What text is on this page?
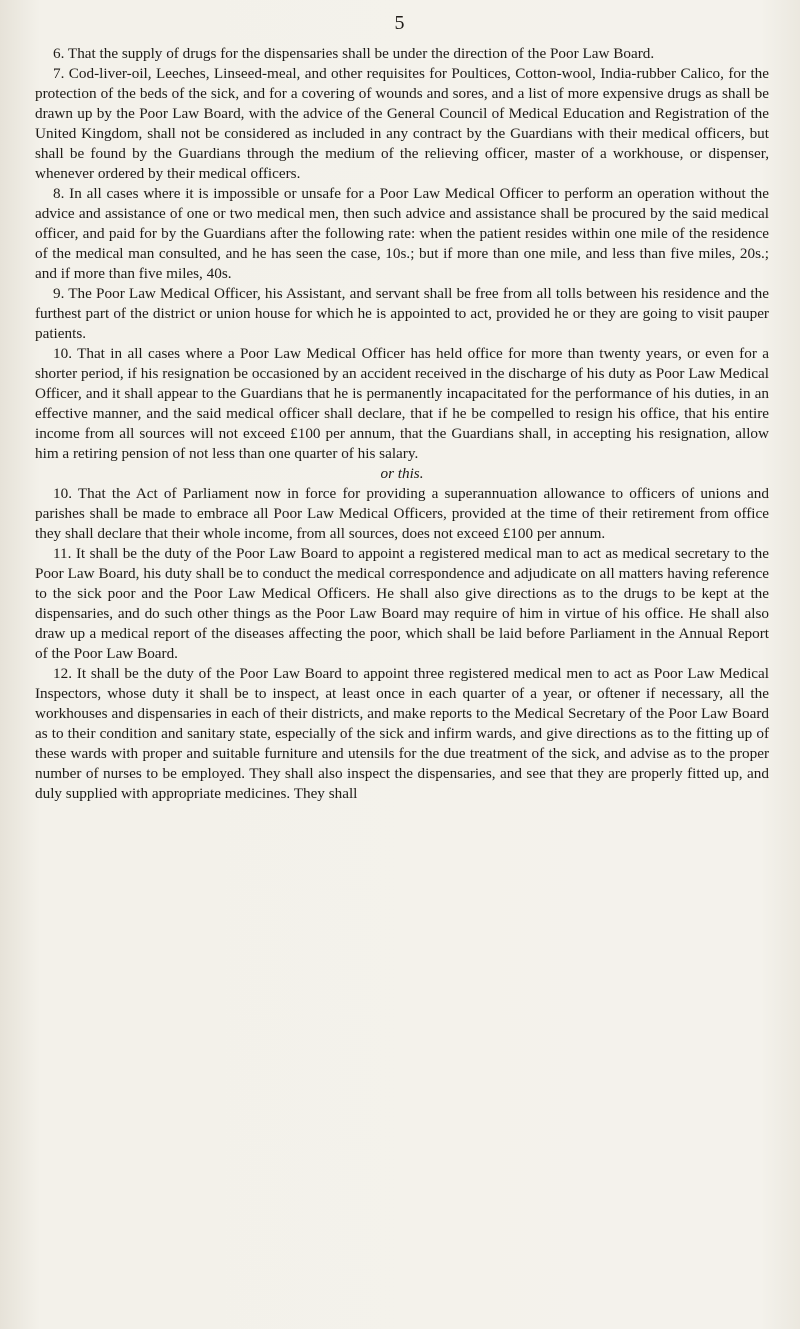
5

6. That the supply of drugs for the dispensaries shall be under the direction of the Poor Law Board.

7. Cod-liver-oil, Leeches, Linseed-meal, and other requisites for Poultices, Cotton-wool, India-rubber Calico, for the protection of the beds of the sick, and for a covering of wounds and sores, and a list of more expensive drugs as shall be drawn up by the Poor Law Board, with the advice of the General Council of Medical Education and Registration of the United Kingdom, shall not be considered as included in any contract by the Guardians with their medical officers, but shall be found by the Guardians through the medium of the relieving officer, master of a workhouse, or dispenser, whenever ordered by their medical officers.

8. In all cases where it is impossible or unsafe for a Poor Law Medical Officer to perform an operation without the advice and assistance of one or two medical men, then such advice and assistance shall be procured by the said medical officer, and paid for by the Guardians after the following rate: when the patient resides within one mile of the residence of the medical man consulted, and he has seen the case, 10s.; but if more than one mile, and less than five miles, 20s.; and if more than five miles, 40s.

9. The Poor Law Medical Officer, his Assistant, and servant shall be free from all tolls between his residence and the furthest part of the district or union house for which he is appointed to act, provided he or they are going to visit pauper patients.

10. That in all cases where a Poor Law Medical Officer has held office for more than twenty years, or even for a shorter period, if his resignation be occasioned by an accident received in the discharge of his duty as Poor Law Medical Officer, and it shall appear to the Guardians that he is permanently incapacitated for the performance of his duties, in an effective manner, and the said medical officer shall declare, that if he be compelled to resign his office, that his entire income from all sources will not exceed £100 per annum, that the Guardians shall, in accepting his resignation, allow him a retiring pension of not less than one quarter of his salary.

or this.

10. That the Act of Parliament now in force for providing a superannuation allowance to officers of unions and parishes shall be made to embrace all Poor Law Medical Officers, provided at the time of their retirement from office they shall declare that their whole income, from all sources, does not exceed £100 per annum.

11. It shall be the duty of the Poor Law Board to appoint a registered medical man to act as medical secretary to the Poor Law Board, his duty shall be to conduct the medical correspondence and adjudicate on all matters having reference to the sick poor and the Poor Law Medical Officers. He shall also give directions as to the drugs to be kept at the dispensaries, and do such other things as the Poor Law Board may require of him in virtue of his office. He shall also draw up a medical report of the diseases affecting the poor, which shall be laid before Parliament in the Annual Report of the Poor Law Board.

12. It shall be the duty of the Poor Law Board to appoint three registered medical men to act as Poor Law Medical Inspectors, whose duty it shall be to inspect, at least once in each quarter of a year, or oftener if necessary, all the workhouses and dispensaries in each of their districts, and make reports to the Medical Secretary of the Poor Law Board as to their condition and sanitary state, especially of the sick and infirm wards, and give directions as to the fitting up of these wards with proper and suitable furniture and utensils for the due treatment of the sick, and advise as to the proper number of nurses to be employed. They shall also inspect the dispensaries, and see that they are properly fitted up, and duly supplied with appropriate medicines. They shall
